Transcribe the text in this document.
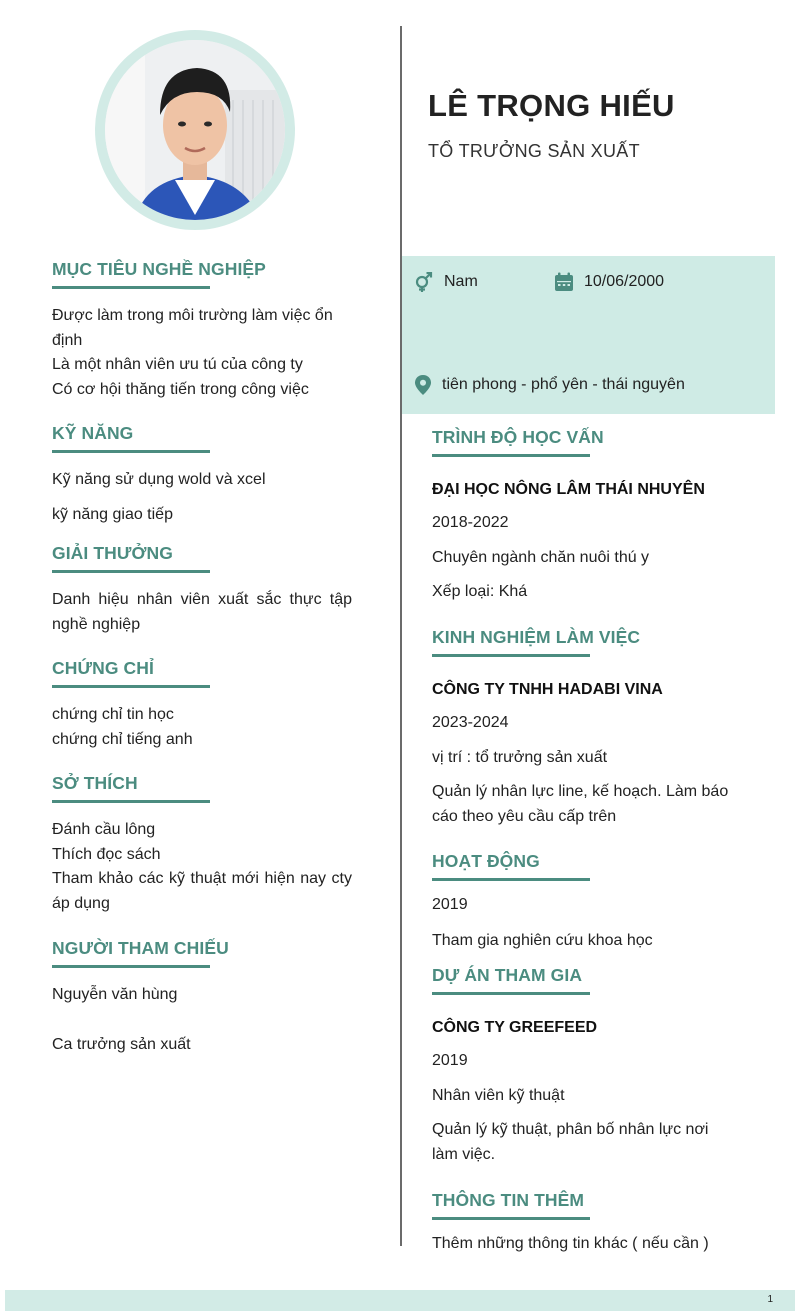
MỤC TIÊU NGHỀ NGHIỆP
Được làm trong môi trường làm việc ổn định
Là một nhân viên ưu tú của công ty
Có cơ hội thăng tiến trong công việc
KỸ NĂNG
Kỹ năng sử dụng wold và xcel
kỹ năng giao tiếp
GIẢI THƯỞNG
Danh hiệu nhân viên xuất sắc thực tập nghề nghiệp
CHỨNG CHỈ
chứng chỉ tin học
chứng chỉ tiếng anh
SỞ THÍCH
Đánh cầu lông
Thích đọc sách
Tham khảo các kỹ thuật mới hiện nay cty áp dụng
NGƯỜI THAM CHIẾU
Nguyễn văn hùng
Ca trưởng sản xuất
LÊ TRỌNG HIẾU
TỔ TRƯỞNG SẢN XUẤT
Nam	10/06/2000
tiên phong - phổ yên - thái nguyên
TRÌNH ĐỘ HỌC VẤN
ĐẠI HỌC NÔNG LÂM THÁI NHUYÊN
2018-2022
Chuyên ngành chăn nuôi thú y
Xếp loại: Khá
KINH NGHIỆM LÀM VIỆC
CÔNG TY TNHH HADABI VINA
2023-2024
vị trí : tổ trưởng sản xuất
Quản lý nhân lực line, kế hoạch. Làm báo cáo theo yêu cầu cấp trên
HOẠT ĐỘNG
2019
Tham gia nghiên cứu khoa học
DỰ ÁN THAM GIA
CÔNG TY GREEFEED
2019
Nhân viên kỹ thuật
Quản lý kỹ thuật, phân bố nhân lực nơi làm việc.
THÔNG TIN THÊM
Thêm những thông tin khác ( nếu cần )
1
